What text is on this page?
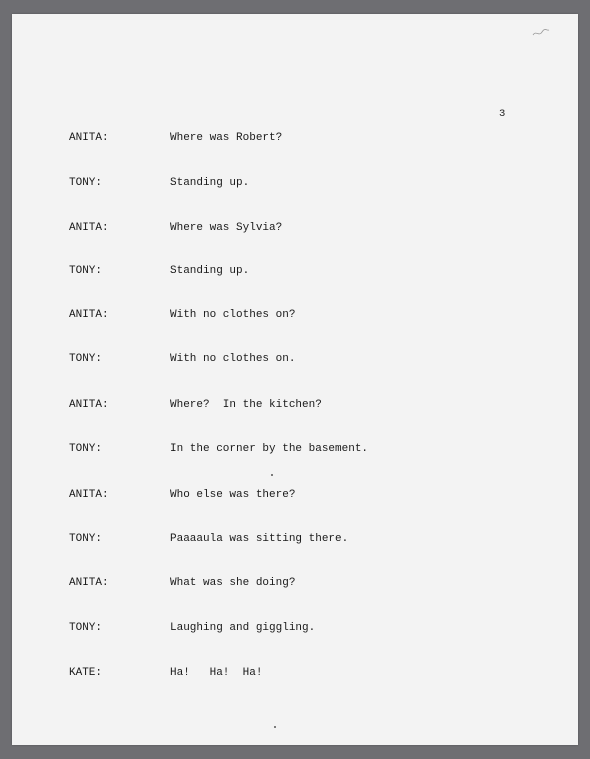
3

ANITA:

	Where was Robert?

TONY:

	Standing up.

ANITA:

	Where was Sylvia?

TONY:

	Standing up.

ANITA:

	With no clothes on?

TONY:

	With no clothes on.

ANITA:

	Where?  In the kitchen?

TONY:

	In the corner by the basement.

ANITA:

	Who else was there?

TONY:

	Paaaaula was sitting there.

ANITA:

	What was she doing?

TONY:

	Laughing and giggling.

KATE:

	Ha!   Ha!  Ha!
